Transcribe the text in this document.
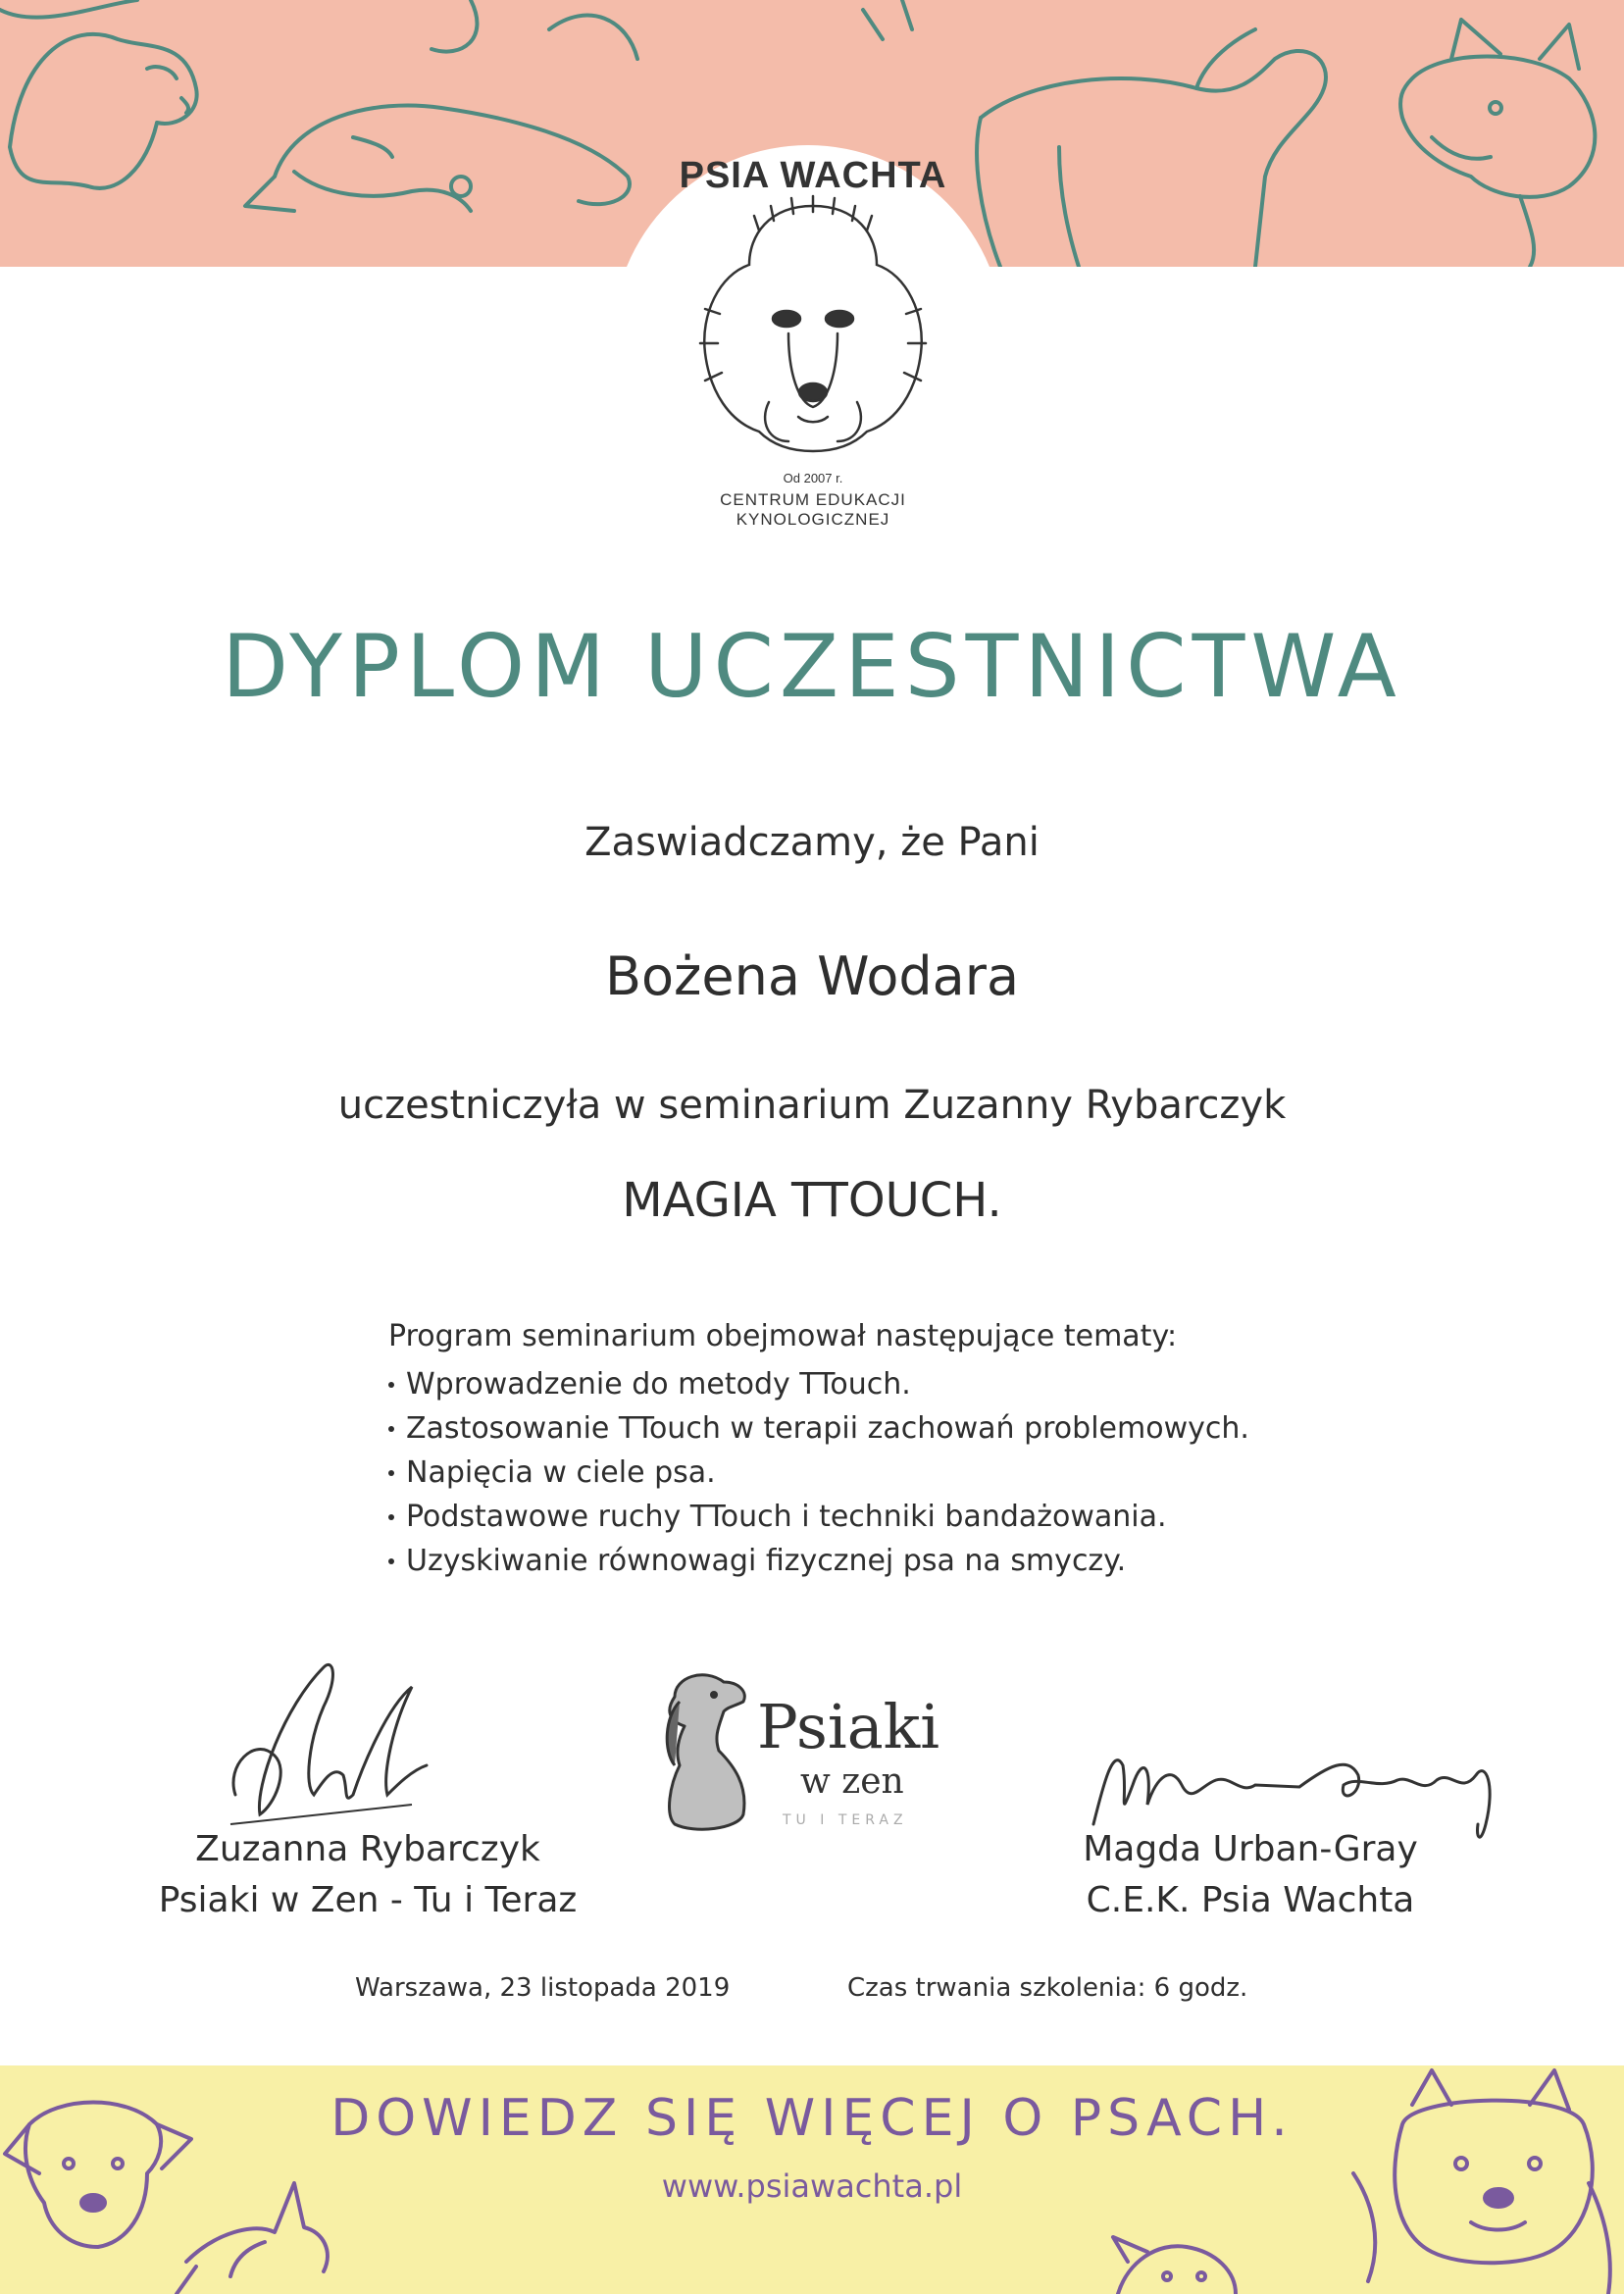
PSIA WACHTA
Od 2007 r.
CENTRUM EDUKACJI KYNOLOGICZNEJ
DYPLOM UCZESTNICTWA
Zaswiadczamy, że Pani
Bożena Wodara
uczestniczyła w seminarium Zuzanny Rybarczyk
MAGIA TTOUCH.
Program seminarium obejmował następujące tematy:
Wprowadzenie do metody TTouch.
Zastosowanie TTouch w terapii zachowań problemowych.
Napięcia w ciele psa.
Podstawowe ruchy TTouch i techniki bandażowania.
Uzyskiwanie równowagi fizycznej psa na smyczy.
Zuzanna Rybarczyk
Psiaki w Zen - Tu i Teraz
Psiaki
w zen
TU I TERAZ
Magda Urban-Gray
C.E.K. Psia Wachta
Warszawa, 23 listopada 2019	Czas trwania szkolenia: 6 godz.
DOWIEDZ SIĘ WIĘCEJ O PSACH.
www.psiawachta.pl
